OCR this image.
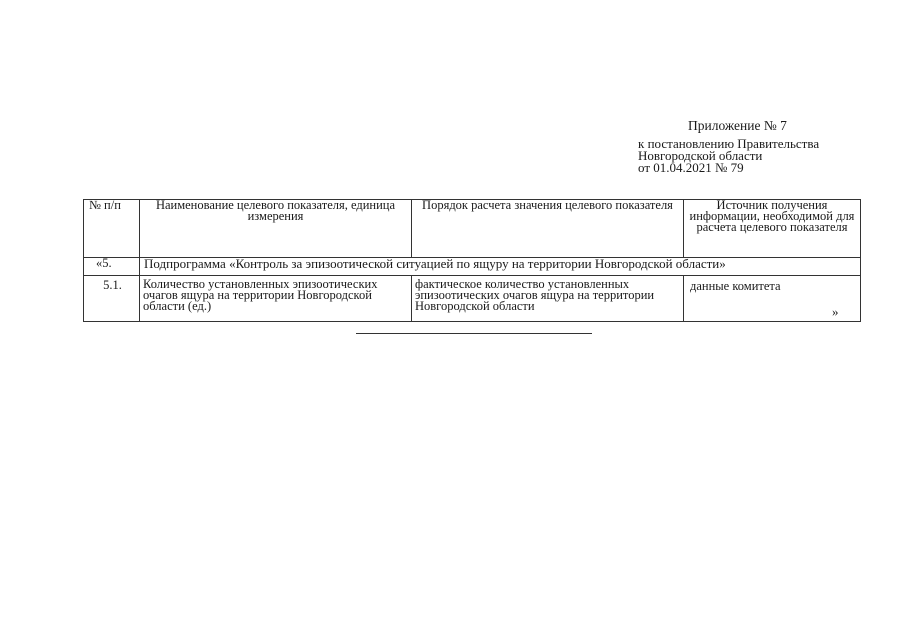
Приложение № 7
к постановлению Правительства
Новгородской области
от 01.04.2021 № 79
№ п/п	Наименование целевого показателя, единица измерения	Порядок расчета значения целевого показателя	Источник получения информации, необходимой для расчета целевого показателя
«5.	Подпрограмма «Контроль за эпизоотической ситуацией по ящуру на территории Новгородской области»		
5.1.	Количество установленных эпизоотических очагов ящура на территории Новгородской области (ед.)	фактическое количество установленных эпизоотических очагов ящура на территории Новгородской области	данные комитета
»
